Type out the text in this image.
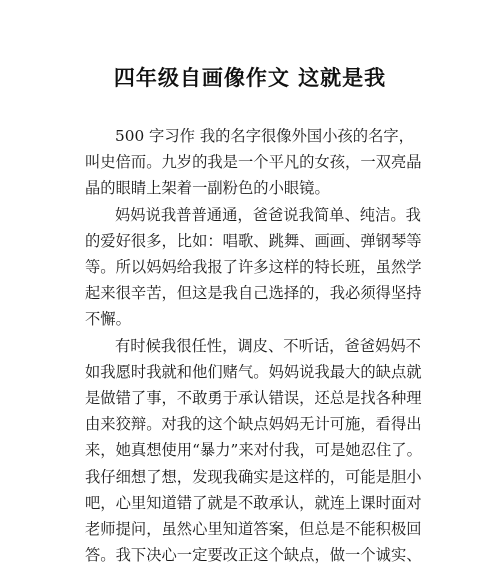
四年级自画像作文 这就是我

500 字习作 我的名字很像外国小孩的名字，
叫史倍而。九岁的我是一个平凡的女孩，一双亮晶
晶的眼睛上架着一副粉色的小眼镜。

妈妈说我普普通通，爸爸说我简单、纯洁。我
的爱好很多，比如：唱歌、跳舞、画画、弹钢琴等
等。所以妈妈给我报了许多这样的特长班，虽然学
起来很辛苦，但这是我自己选择的，我必须得坚持
不懈。

有时候我很任性，调皮、不听话，爸爸妈妈不
如我愿时我就和他们赌气。妈妈说我最大的缺点就
是做错了事，不敢勇于承认错误，还总是找各种理
由来狡辩。对我的这个缺点妈妈无计可施，看得出
来，她真想使用“暴力”来对付我，可是她忍住了。
我仔细想了想，发现我确实是这样的，可能是胆小
吧，心里知道错了就是不敢承认，就连上课时面对
老师提问，虽然心里知道答案，但总是不能积极回
答。我下决心一定要改正这个缺点，做一个诚实、
